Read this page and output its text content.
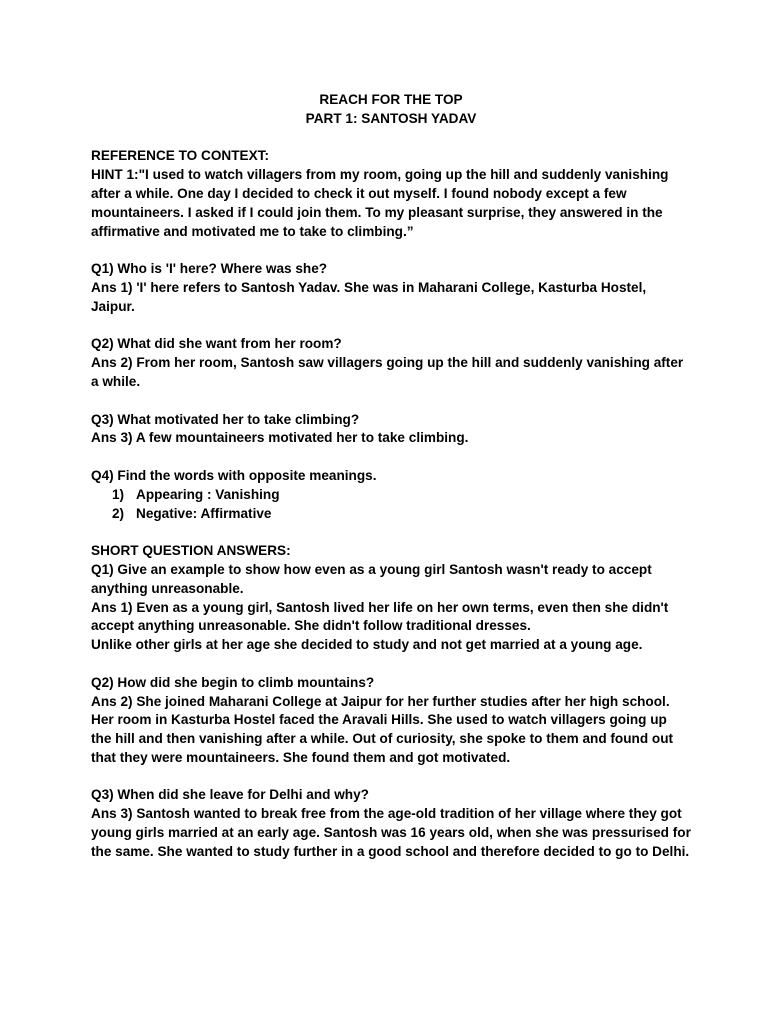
REACH FOR THE TOP

PART 1: SANTOSH YADAV

REFERENCE TO CONTEXT:

HINT 1:"I used to watch villagers from my room, going up the hill and suddenly vanishing after a while. One day I decided to check it out myself. I found nobody except a few mountaineers. I asked if I could join them. To my pleasant surprise, they answered in the affirmative and motivated me to take to climbing.”

Q1) Who is 'I' here? Where was she?

Ans 1) 'I' here refers to Santosh Yadav. She was in Maharani College, Kasturba Hostel, Jaipur.

Q2) What did she want from her room?

Ans 2) From her room, Santosh saw villagers going up the hill and suddenly vanishing after a while.

Q3) What motivated her to take climbing?

Ans 3) A few mountaineers motivated her to take climbing.

Q4) Find the words with opposite meanings.

1) Appearing : Vanishing
2) Negative: Affirmative

SHORT QUESTION ANSWERS:

Q1) Give an example to show how even as a young girl Santosh wasn't ready to accept anything unreasonable.

Ans 1) Even as a young girl, Santosh lived her life on her own terms, even then she didn't accept anything unreasonable. She didn't follow traditional dresses.

Unlike other girls at her age she decided to study and not get married at a young age.

Q2) How did she begin to climb mountains?

Ans 2) She joined Maharani College at Jaipur for her further studies after her high school. Her room in Kasturba Hostel faced the Aravali Hills. She used to watch villagers going up the hill and then vanishing after a while. Out of curiosity, she spoke to them and found out that they were mountaineers. She found them and got motivated.

Q3) When did she leave for Delhi and why?

Ans 3) Santosh wanted to break free from the age-old tradition of her village where they got young girls married at an early age. Santosh was 16 years old, when she was pressurised for the same. She wanted to study further in a good school and therefore decided to go to Delhi.
